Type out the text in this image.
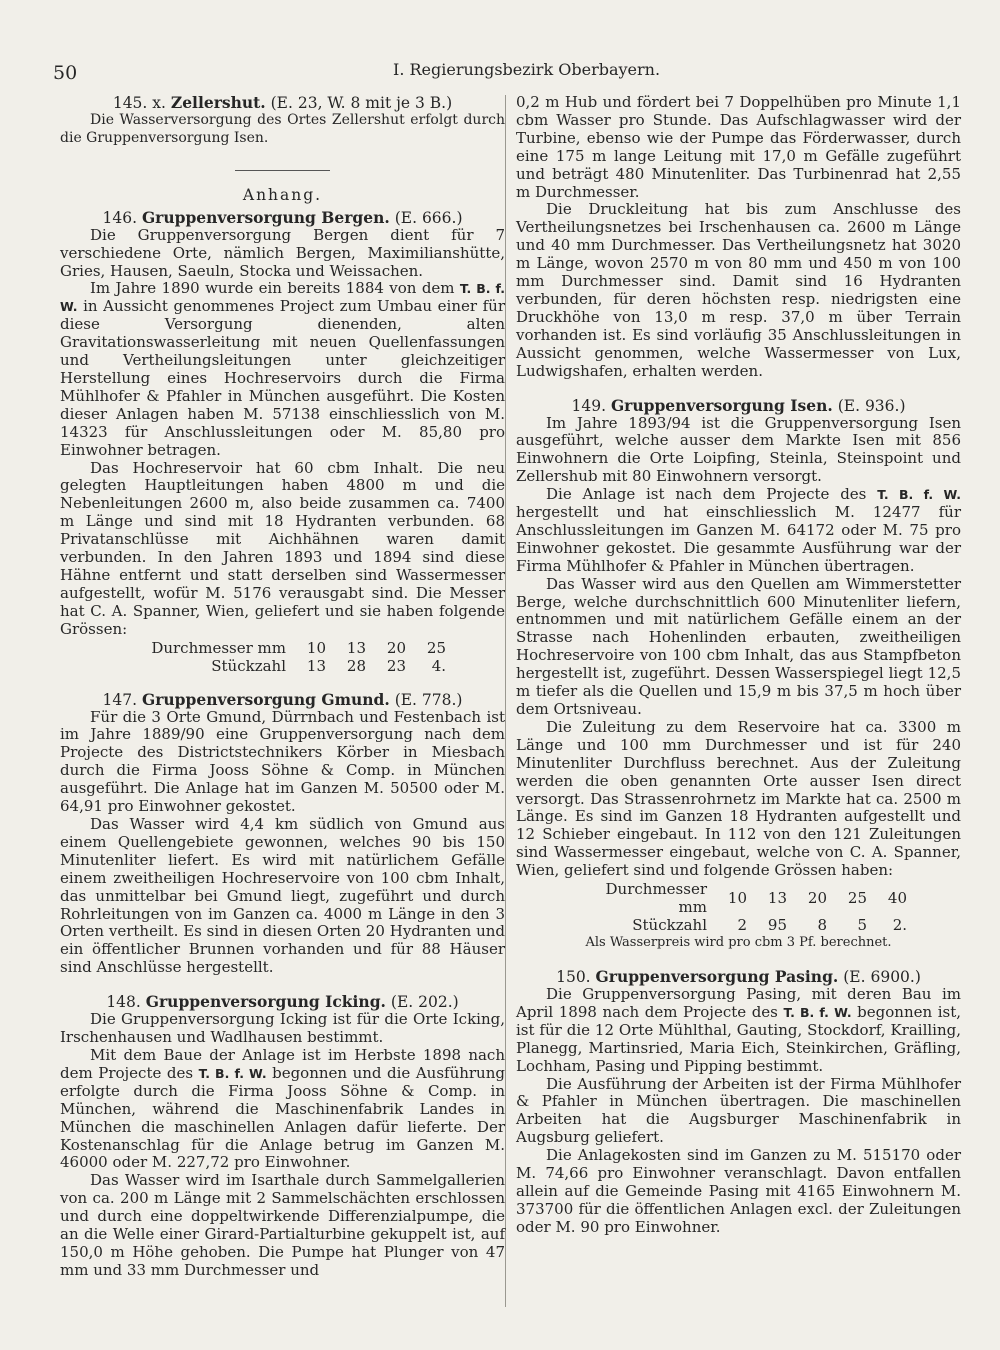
50	I. Regierungsbezirk Oberbayern.
145. x. Zellershut. (E. 23, W. 8 mit je 3 B.)

Die Wasserversorgung des Ortes Zellershut erfolgt durch die Gruppenversorgung Isen.

Anhang.
146. Gruppenversorgung Bergen. (E. 666.)

Die Gruppenversorgung Bergen dient für 7 verschiedene Orte, nämlich Bergen, Maximilianshütte, Gries, Hausen, Saeuln, Stocka und Weissachen.

Im Jahre 1890 wurde ein bereits 1884 von dem T. B. f. W. in Aussicht genommenes Project zum Umbau einer für diese Versorgung dienenden, alten Gravitationswasserleitung mit neuen Quellenfassungen und Vertheilungsleitungen unter gleichzeitiger Herstellung eines Hochreservoirs durch die Firma Mühlhofer & Pfahler in München ausgeführt. Die Kosten dieser Anlagen haben M. 57138 einschliesslich von M. 14323 für Anschlussleitungen oder M. 85,80 pro Einwohner betragen.

Das Hochreservoir hat 60 cbm Inhalt. Die neu gelegten Hauptleitungen haben 4800 m und die Nebenleitungen 2600 m, also beide zusammen ca. 7400 m Länge und sind mit 18 Hydranten verbunden. 68 Privatanschlüsse mit Aichhähnen waren damit verbunden. In den Jahren 1893 und 1894 sind diese Hähne entfernt und statt derselben sind Wassermesser aufgestellt, wofür M. 5176 verausgabt sind. Die Messer hat C. A. Spanner, Wien, geliefert und sie haben folgende Grössen:

Durchmesser mm	10	13	20	25
Stückzahl	13	28	23	4.
147. Gruppenversorgung Gmund. (E. 778.)

Für die 3 Orte Gmund, Dürrnbach und Festenbach ist im Jahre 1889/90 eine Gruppenversorgung nach dem Projecte des Districtstechnikers Körber in Miesbach durch die Firma Jooss Söhne & Comp. in München ausgeführt. Die Anlage hat im Ganzen M. 50500 oder M. 64,91 pro Einwohner gekostet.

Das Wasser wird 4,4 km südlich von Gmund aus einem Quellengebiete gewonnen, welches 90 bis 150 Minutenliter liefert. Es wird mit natürlichem Gefälle einem zweitheiligen Hochreservoire von 100 cbm Inhalt, das unmittelbar bei Gmund liegt, zugeführt und durch Rohrleitungen von im Ganzen ca. 4000 m Länge in den 3 Orten vertheilt. Es sind in diesen Orten 20 Hydranten und ein öffentlicher Brunnen vorhanden und für 88 Häuser sind Anschlüsse hergestellt.

148. Gruppenversorgung Icking. (E. 202.)

Die Gruppenversorgung Icking ist für die Orte Icking, Irschenhausen und Wadlhausen bestimmt.

Mit dem Baue der Anlage ist im Herbste 1898 nach dem Projecte des T. B. f. W. begonnen und die Ausführung erfolgte durch die Firma Jooss Söhne & Comp. in München, während die Maschinenfabrik Landes in München die maschinellen Anlagen dafür lieferte. Der Kostenanschlag für die Anlage betrug im Ganzen M. 46000 oder M. 227,72 pro Einwohner.

Das Wasser wird im Isarthale durch Sammelgallerien von ca. 200 m Länge mit 2 Sammelschächten erschlossen und durch eine doppeltwirkende Differenzialpumpe, die an die Welle einer Girard-Partialturbine gekuppelt ist, auf 150,0 m Höhe gehoben. Die Pumpe hat Plunger von 47 mm und 33 mm Durchmesser und

0,2 m Hub und fördert bei 7 Doppelhüben pro Minute 1,1 cbm Wasser pro Stunde. Das Aufschlagwasser wird der Turbine, ebenso wie der Pumpe das Förderwasser, durch eine 175 m lange Leitung mit 17,0 m Gefälle zugeführt und beträgt 480 Minutenliter. Das Turbinenrad hat 2,55 m Durchmesser.

Die Druckleitung hat bis zum Anschlusse des Vertheilungsnetzes bei Irschenhausen ca. 2600 m Länge und 40 mm Durchmesser. Das Vertheilungsnetz hat 3020 m Länge, wovon 2570 m von 80 mm und 450 m von 100 mm Durchmesser sind. Damit sind 16 Hydranten verbunden, für deren höchsten resp. niedrigsten eine Druckhöhe von 13,0 m resp. 37,0 m über Terrain vorhanden ist. Es sind vorläufig 35 Anschlussleitungen in Aussicht genommen, welche Wassermesser von Lux, Ludwigshafen, erhalten werden.

149. Gruppenversorgung Isen. (E. 936.)

Im Jahre 1893/94 ist die Gruppenversorgung Isen ausgeführt, welche ausser dem Markte Isen mit 856 Einwohnern die Orte Loipfing, Steinla, Steinspoint und Zellershub mit 80 Einwohnern versorgt.

Die Anlage ist nach dem Projecte des T. B. f. W. hergestellt und hat einschliesslich M. 12477 für Anschlussleitungen im Ganzen M. 64172 oder M. 75 pro Einwohner gekostet. Die gesammte Ausführung war der Firma Mühlhofer & Pfahler in München übertragen.

Das Wasser wird aus den Quellen am Wimmerstetter Berge, welche durchschnittlich 600 Minutenliter liefern, entnommen und mit natürlichem Gefälle einem an der Strasse nach Hohenlinden erbauten, zweitheiligen Hochreservoire von 100 cbm Inhalt, das aus Stampfbeton hergestellt ist, zugeführt. Dessen Wasserspiegel liegt 12,5 m tiefer als die Quellen und 15,9 m bis 37,5 m hoch über dem Ortsniveau.

Die Zuleitung zu dem Reservoire hat ca. 3300 m Länge und 100 mm Durchmesser und ist für 240 Minutenliter Durchfluss berechnet. Aus der Zuleitung werden die oben genannten Orte ausser Isen direct versorgt. Das Strassenrohrnetz im Markte hat ca. 2500 m Länge. Es sind im Ganzen 18 Hydranten aufgestellt und 12 Schieber eingebaut. In 112 von den 121 Zuleitungen sind Wassermesser eingebaut, welche von C. A. Spanner, Wien, geliefert sind und folgende Grössen haben:

Durchmesser mm	10	13	20	25	40
Stückzahl	2	95	8	5	2.
Als Wasserpreis wird pro cbm 3 Pf. berechnet.
150. Gruppenversorgung Pasing. (E. 6900.)

Die Gruppenversorgung Pasing, mit deren Bau im April 1898 nach dem Projecte des T. B. f. W. begonnen ist, ist für die 12 Orte Mühlthal, Gauting, Stockdorf, Krailling, Planegg, Martinsried, Maria Eich, Steinkirchen, Gräfling, Lochham, Pasing und Pipping bestimmt.

Die Ausführung der Arbeiten ist der Firma Mühlhofer & Pfahler in München übertragen. Die maschinellen Arbeiten hat die Augsburger Maschinenfabrik in Augsburg geliefert.

Die Anlagekosten sind im Ganzen zu M. 515170 oder M. 74,66 pro Einwohner veranschlagt. Davon entfallen allein auf die Gemeinde Pasing mit 4165 Einwohnern M. 373700 für die öffentlichen Anlagen excl. der Zuleitungen oder M. 90 pro Einwohner.
